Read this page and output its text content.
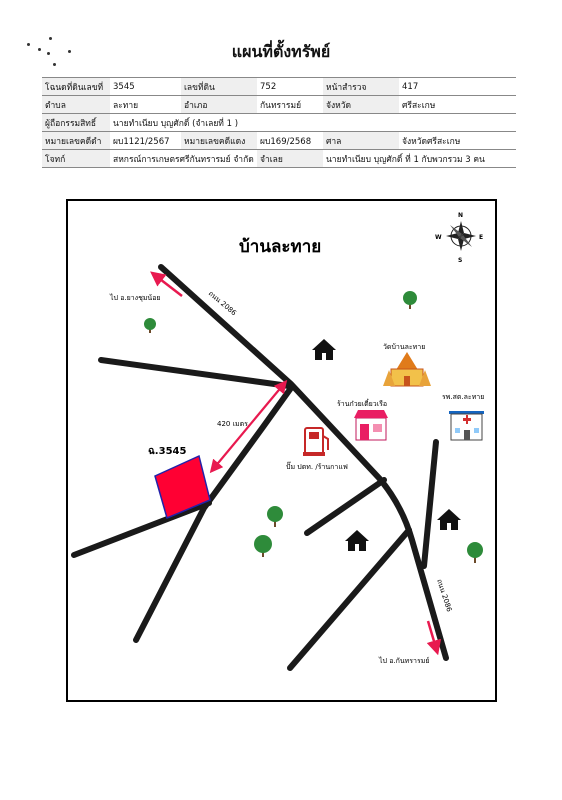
แผนที่ตั้งทรัพย์
โฉนดที่ดินเลขที่	3545	เลขที่ดิน	752	หน้าสำรวจ	417
ตำบล	ละทาย	อำเภอ	กันทรารมย์	จังหวัด	ศรีสะเกษ
ผู้ถือกรรมสิทธิ์	นายทำเนียบ บุญศักดิ์ (จำเลยที่ 1 )				
หมายเลขคดีดำ	ผบ1121/2567	หมายเลขคดีแดง	ผบ169/2568	ศาล	จังหวัดศรีสะเกษ
โจทก์	สหกรณ์การเกษตรศรีกันทรารมย์ จำกัด		จำเลย	นายทำเนียบ บุญศักดิ์ ที่ 1 กับพวกรวม 3 คน	
ฉ.3545
420 เมตร
ถนน 2086
ถนน 2086
ไป อ.ยางชุมน้อย
ไป อ.กันทรารมย์
บ้านละทาย
N
S
E
W
วัดบ้านละทาย
ร้านก๋วยเตี๋ยวเรือ
ปั๊ม ปตท. /ร้านกาแฟ
รพ.สต.ละทาย
